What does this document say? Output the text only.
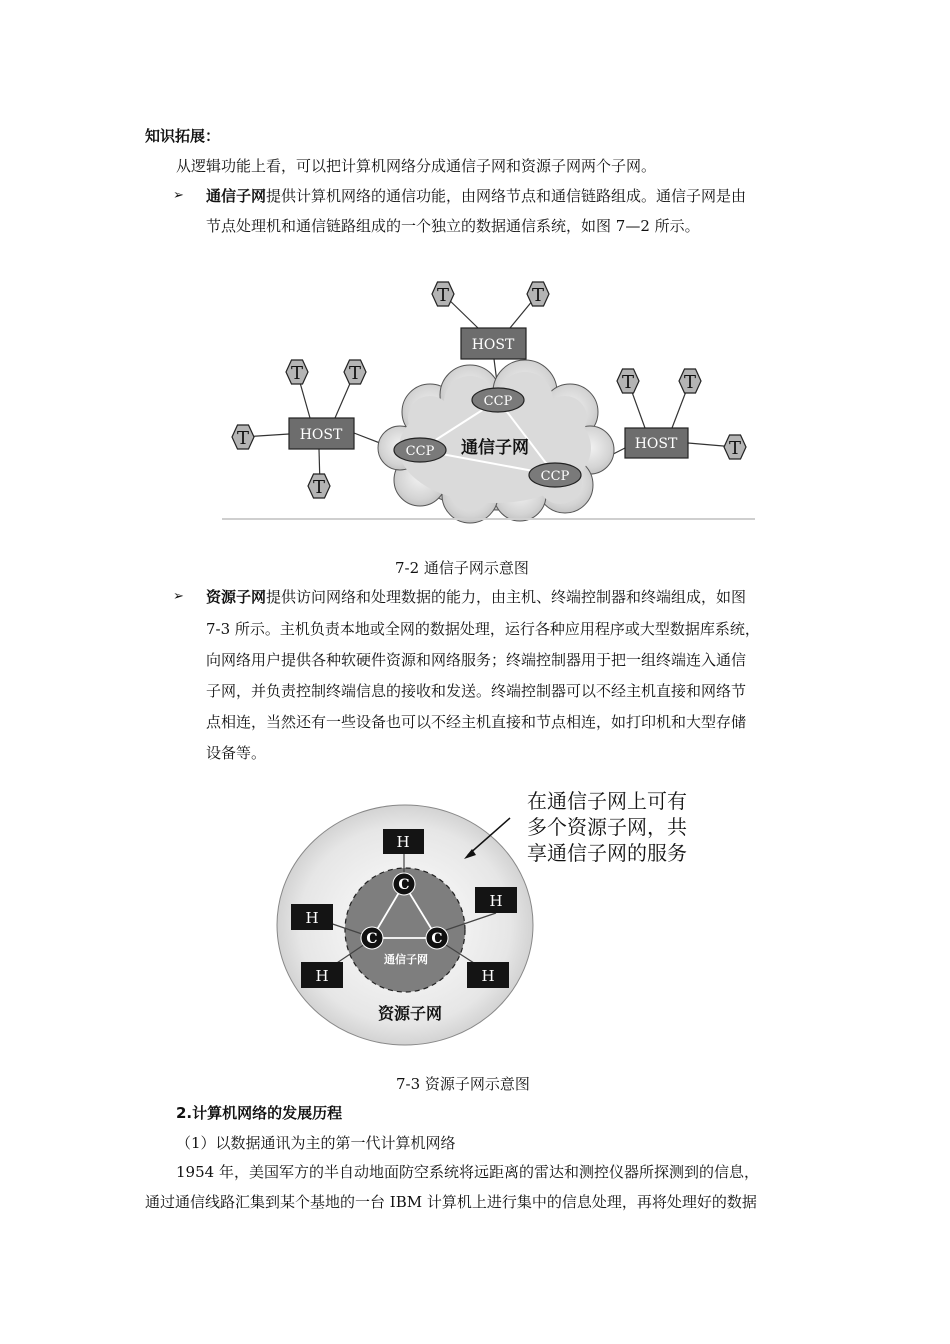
知识拓展：
从逻辑功能上看，可以把计算机网络分成通信子网和资源子网两个子网。
➢ 通信子网提供计算机网络的通信功能，由网络节点和通信链路组成。通信子网是由
节点处理机和通信链路组成的一个独立的数据通信系统，如图 7—2 所示。
CCP
CCP
CCP
通信子网
HOST
HOST
HOST
T	T
T	T
T
T
T	T
T
7-2 通信子网示意图
➢ 资源子网提供访问网络和处理数据的能力，由主机、终端控制器和终端组成，如图
7-3 所示。主机负责本地或全网的数据处理，运行各种应用程序或大型数据库系统，
向网络用户提供各种软硬件资源和网络服务；终端控制器用于把一组终端连入通信
子网，并负责控制终端信息的接收和发送。终端控制器可以不经主机直接和网络节
点相连，当然还有一些设备也可以不经主机直接和节点相连，如打印机和大型存储
设备等。
C
C	C
通信子网
H
H
H
H	H
资源子网
在通信子网上可有
多个资源子网，共
享通信子网的服务
7-3 资源子网示意图
2.计算机网络的发展历程
（1）以数据通讯为主的第一代计算机网络
1954 年，美国军方的半自动地面防空系统将远距离的雷达和测控仪器所探测到的信息，
通过通信线路汇集到某个基地的一台 IBM 计算机上进行集中的信息处理，再将处理好的数据
